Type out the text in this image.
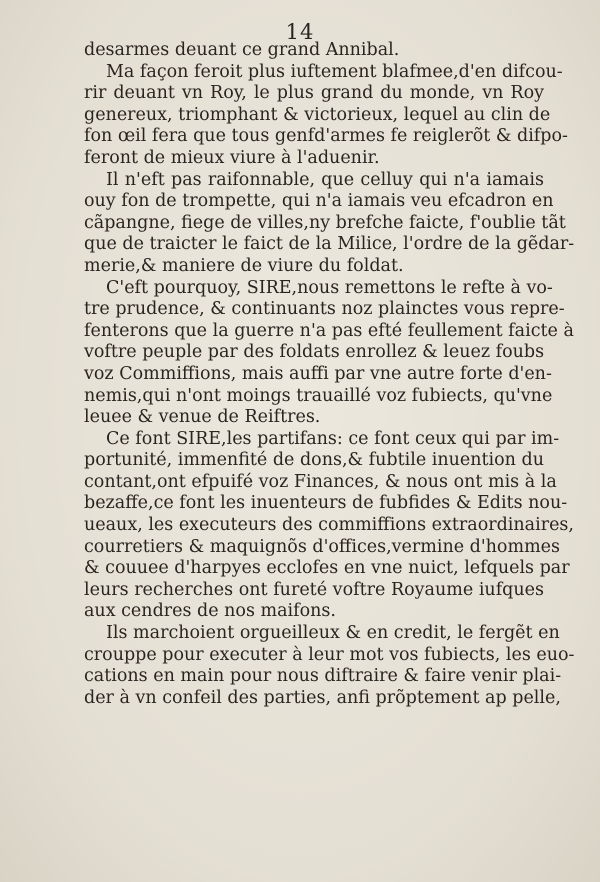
14
desarmes deuant ce grand Annibal.
Ma façon feroit plus iuftement blafmee,d'en difcou-
rir deuant vn Roy, le plus grand du monde, vn Roy
genereux, triomphant & victorieux, lequel au clin de
fon œil fera que tous genfd'armes fe reiglerõt & difpo-
feront de mieux viure à l'aduenir.
Il n'eft pas raifonnable, que celluy qui n'a iamais
ouy fon de trompette, qui n'a iamais veu efcadron en
cãpangne, fiege de villes,ny brefche faicte, f'oublie tãt
que de traicter le faict de la Milice, l'ordre de la gẽdar-
merie,& maniere de viure du foldat.
C'eft pourquoy, SIRE,nous remettons le refte à vo-
tre prudence, & continuants noz plainctes vous repre-
fenterons que la guerre n'a pas efté feullement faicte à
voftre peuple par des foldats enrollez & leuez foubs
voz Commiffions, mais auffi par vne autre forte d'en-
nemis,qui n'ont moings trauaillé voz fubiects, qu'vne
leuee & venue de Reiftres.
Ce font SIRE,les partifans: ce font ceux qui par im-
portunité, immenfité de dons,& fubtile inuention du
contant,ont efpuifé voz Finances, & nous ont mis à la
bezaffe,ce font les inuenteurs de fubfides & Edits nou-
ueaux, les executeurs des commiffions extraordinaires,
courretiers & maquignõs d'offices,vermine d'hommes
& couuee d'harpyes ecclofes en vne nuict, lefquels par
leurs recherches ont fureté voftre Royaume iufques
aux cendres de nos maifons.
Ils marchoient orgueilleux & en credit, le fergẽt en
crouppe pour executer à leur mot vos fubiects, les euo-
cations en main pour nous diftraire & faire venir plai-
der à vn confeil des parties, anfi prõptement ap pelle,
